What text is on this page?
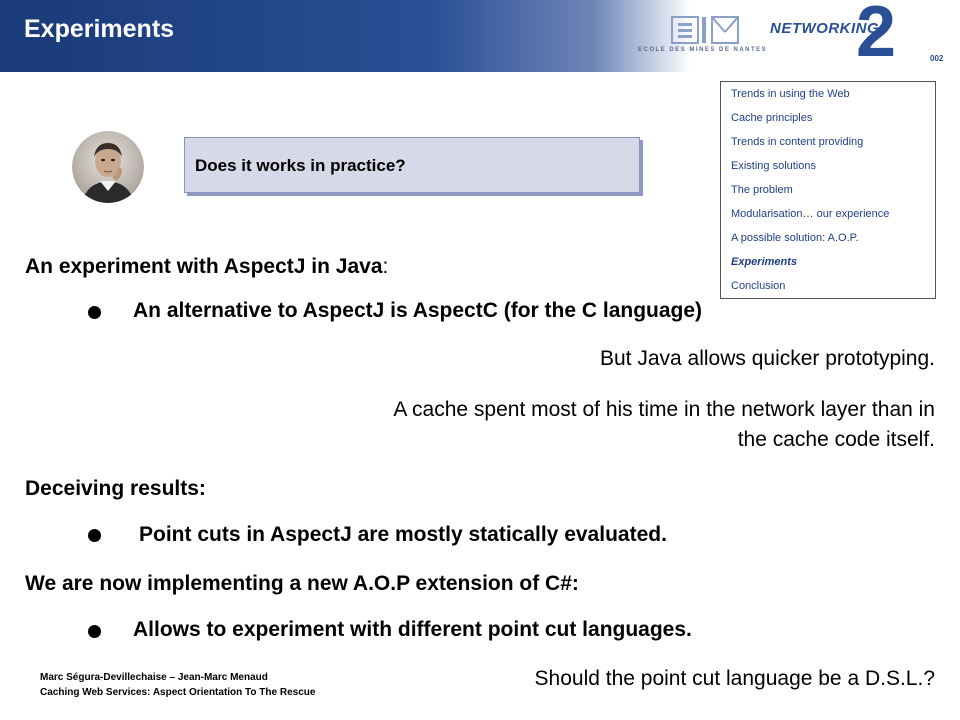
Experiments
ECOLE DES MINES DE NANTES 2
NETWORKING
002
Trends in using the Web
Cache principles
Trends in content providing
Existing solutions
The problem
Modularisation… our experience
A possible solution: A.O.P.
Experiments
Conclusion
Does it works in practice?
An experiment with AspectJ in Java:
An alternative to AspectJ is AspectC (for the C language)
But Java allows quicker prototyping.
A cache spent most of his time in the network layer than in
the cache code itself.
Deceiving results:
Point cuts in AspectJ are mostly statically evaluated.
We are now implementing a new A.O.P extension of C#:
Allows to experiment with different point cut languages.
Should the point cut language be a D.S.L.?
Marc Ségura-Devillechaise – Jean-Marc Menaud
Caching Web Services: Aspect Orientation To The Rescue
